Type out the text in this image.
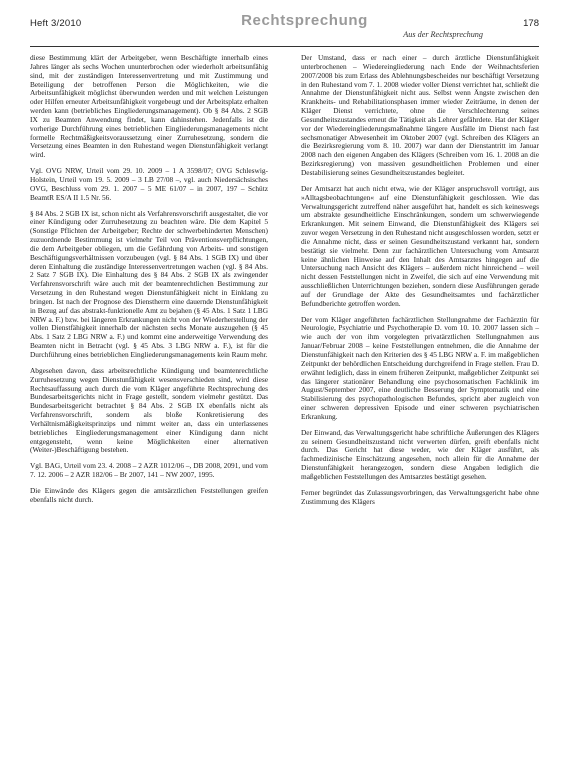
Heft 3/2010	Rechtsprechung
Aus der Rechtsprechung
178

diese Bestimmung klärt der Arbeitgeber, wenn Beschäftigte innerhalb eines Jahres länger als sechs Wochen ununterbrochen oder wiederholt arbeitsunfähig sind, mit der zuständigen Interessenvertretung und mit Zustimmung und Beteiligung der betroffenen Person die Möglichkeiten, wie die Arbeitsunfähigkeit möglichst überwunden werden und mit welchen Leistungen oder Hilfen erneuter Arbeitsunfähigkeit vorgebeugt und der Arbeitsplatz erhalten werden kann (betriebliches Eingliederungsmanagement). Ob § 84 Abs. 2 SGB IX zu Beamten Anwendung findet, kann dahinstehen. Jedenfalls ist die vorherige Durchführung eines betrieblichen Eingliederungsmanagements nicht formelle Rechtmäßigkeitsvoraussetzung einer Zurruhesetzung, sondern die Versetzung eines Beamten in den Ruhestand wegen Dienstunfähigkeit verlangt wird.

Vgl. OVG NRW, Urteil vom 29. 10. 2009 – 1 A 3598/07; OVG Schleswig-Holstein, Urteil vom 19. 5. 2009 – 3 LB 27/08 –, vgl. auch Niedersächsisches OVG, Beschluss vom 29. 1. 2007 – 5 ME 61/07 – in 2007, 197 – Schütz BeamtR ES/A II 1.5 Nr. 56.

§ 84 Abs. 2 SGB IX ist, schon nicht als Verfahrensvorschrift ausgestaltet, die vor einer Kündigung oder Zurruhesetzung zu beachten wäre. Die dem Kapitel 5 (Sonstige Pflichten der Arbeitgeber; Rechte der schwerbehinderten Menschen) zuzuordnende Bestimmung ist vielmehr Teil von Präventionsverpflichtungen, die dem Arbeitgeber obliegen, um die Gefährdung von Arbeits- und sonstigen Beschäftigungsverhältnissen vorzubeugen (vgl. § 84 Abs. 1 SGB IX) und über deren Einhaltung die zuständige Interessenvertretungen wachen (vgl. § 84 Abs. 2 Satz 7 SGB IX). Die Einhaltung des § 84 Abs. 2 SGB IX als zwingender Verfahrensvorschrift wäre auch mit der beamtenrechtlichen Bestimmung zur Versetzung in den Ruhestand wegen Dienstunfähigkeit nicht in Einklang zu bringen. Ist nach der Prognose des Dienstherrn eine dauernde Dienstunfähigkeit in Bezug auf das abstrakt-funktionelle Amt zu bejahen (§ 45 Abs. 1 Satz 1 LBG NRW a. F.) bzw. bei längeren Erkrankungen nicht von der Wiederherstellung der vollen Dienstfähigkeit innerhalb der nächsten sechs Monate auszugehen (§ 45 Abs. 1 Satz 2 LBG NRW a. F.) und kommt eine anderweitige Verwendung des Beamten nicht in Betracht (vgl. § 45 Abs. 3 LBG NRW a. F.), ist für die Durchführung eines betrieblichen Eingliederungsmanagements kein Raum mehr.

Abgesehen davon, dass arbeitsrechtliche Kündigung und beamtenrechtliche Zurruhesetzung wegen Dienstunfähigkeit wesensverschieden sind, wird diese Rechtsauffassung auch durch die vom Kläger angeführte Rechtsprechung des Bundesarbeitsgerichts nicht in Frage gestellt, sondern vielmehr gestützt. Das Bundesarbeitsgericht betrachtet § 84 Abs. 2 SGB IX ebenfalls nicht als Verfahrensvorschrift, sondern als bloße Konkretisierung des Verhältnismäßigkeitsprinzips und nimmt weiter an, dass ein unterlassenes betriebliches Eingliederungsmanagement einer Kündigung dann nicht entgegensteht, wenn keine Möglichkeiten einer alternativen (Weiter-)Beschäftigung bestehen.

Vgl. BAG, Urteil vom 23. 4. 2008 – 2 AZR 1012/06 –, DB 2008, 2091, und vom 7. 12. 2006 – 2 AZR 182/06 – Br 2007, 141 – NW 2007, 1995.

Die Einwände des Klägers gegen die amtsärztlichen Feststellungen greifen ebenfalls nicht durch.

Der Umstand, dass er nach einer – durch ärztliche Dienstunfähigkeit unterbrochenen – Wiedereingliederung nach Ende der Weihnachtsferien 2007/2008 bis zum Erlass des Ablehnungsbescheides nur beschäftigt Versetzung in den Ruhestand vom 7. 1. 2008 wieder voller Dienst verrichtet hat, schließt die Annahme der Dienstunfähigkeit nicht aus. Selbst wenn Ängste zwischen den Krankheits- und Rehabilitationsphasen immer wieder Zeiträume, in denen der Kläger Dienst verrichtete, ohne die Verschlechterung seines Gesundheitszustandes erneut die Tätigkeit als Lehrer gefährdete. Hat der Kläger vor der Wiedereingliederungsmaßnahme längere Ausfälle im Dienst nach fast sechsmonatiger Abwesenheit im Oktober 2007 (vgl. Schreiben des Klägers an die Bezirksregierung vom 8. 10. 2007) war dann der Dienstantritt im Januar 2008 nach den eigenen Angaben des Klägers (Schreiben vom 16. 1. 2008 an die Bezirksregierung) von massiven gesundheitlichen Problemen und einer Destabilisierung seines Gesundheitszustandes begleitet.

Der Amtsarzt hat auch nicht etwa, wie der Kläger anspruchsvoll vorträgt, aus »Alltagsbeobachtungen« auf eine Dienstunfähigkeit geschlossen. Wie das Verwaltungsgericht zutreffend näher ausgeführt hat, handelt es sich keineswegs um abstrakte gesundheitliche Einschränkungen, sondern um schwerwiegende Erkrankungen. Mit seinem Einwand, die Dienstunfähigkeit des Klägers sei zuvor wegen Versetzung in den Ruhestand nicht ausgeschlossen worden, setzt er die Annahme nicht, dass er seinen Gesundheitszustand verkannt hat, sondern bestätigt sie vielmehr. Denn zur fachärztlichen Untersuchung vom Amtsarzt keine ähnlichen Hinweise auf den Inhalt des Amtsarztes hingegen auf die Untersuchung nach Ansicht des Klägers – außerdem nicht hinreichend – weil nicht dessen Feststellungen nicht in Zweifel, die sich auf eine Verwendung mit ausschließlichen Unterrichtungen beziehen, sondern diese Ausführungen gerade auf der Grundlage der Akte des Gesundheitsamtes und fachärztlicher Befundberichte getroffen worden.

Der vom Kläger angeführten fachärztlichen Stellungnahme der Fachärztin für Neurologie, Psychiatrie und Psychotherapie D. vom 10. 10. 2007 lassen sich – wie auch der von ihm vorgelegten privatärztlichen Stellungnahmen aus Januar/Februar 2008 – keine Feststellungen entnehmen, die die Annahme der Dienstunfähigkeit nach den Kriterien des § 45 LBG NRW a. F. im maßgeblichen Zeitpunkt der behördlichen Entscheidung durchgreifend in Frage stellen. Frau D. erwähnt lediglich, dass in einem früheren Zeitpunkt, maßgeblicher Zeitpunkt sei das längerer stationärer Behandlung eine psychosomatischen Fachklinik im August/September 2007, eine deutliche Besserung der Symptomatik und eine Stabilisierung des psychopathologischen Befundes, spricht aber zugleich von einer schweren depressiven Episode und einer schweren psychiatrischen Erkrankung.

Der Einwand, das Verwaltungsgericht habe schriftliche Äußerungen des Klägers zu seinem Gesundheitszustand nicht verwerten dürfen, greift ebenfalls nicht durch. Das Gericht hat diese weder, wie der Kläger ausführt, als fachmedizinische Einschätzung angesehen, noch allein für die Annahme der Dienstunfähigkeit herangezogen, sondern diese Angaben lediglich die maßgeblichen Feststellungen des Amtsarztes bestätigt gesehen.

Ferner begründet das Zulassungsvorbringen, das Verwaltungsgericht habe ohne Zustimmung des Klägers
